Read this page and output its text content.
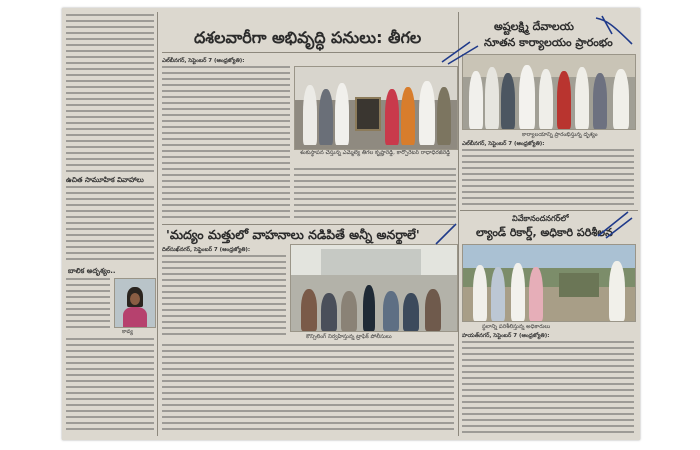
ఉచిత సామూహిక వివాహాలు
బాలిక అదృశ్యం..
కావ్య
దశలవారీగా అభివృద్ధి పనులు: తీగల
ఎల్‌బీనగర్, సెప్టెంబర్ 7 (ఆంధ్రజ్యోతి):
శంకుస్థాపన చేస్తున్న ఎమ్మెల్యే తీగల కృష్ణారెడ్డి, కార్పొరేటర్ రాధాధీరజ్‌రెడ్డి
అష్టలక్ష్మి దేవాలయ
నూతన కార్యాలయం ప్రారంభం
కార్యాలయాన్ని ప్రారంభిస్తున్న దృశ్యం
ఎల్‌బీనగర్, సెప్టెంబర్ 7 (ఆంధ్రజ్యోతి):
వివేకానందనగర్‌లో
ల్యాండ్ రికార్డ్, అధికారి పరిశీలన
స్థలాన్ని పరిశీలిస్తున్న అధికారులు
హయత్‌నగర్, సెప్టెంబర్ 7 (ఆంధ్రజ్యోతి):
'మద్యం మత్తులో వాహనాలు నడిపితే అన్నీ అనర్థాలే'
దిల్‌సుఖ్‌నగర్, సెప్టెంబర్ 7 (ఆంధ్రజ్యోతి):
కౌన్సిలింగ్ నిర్వహిస్తున్న ట్రాఫిక్ పోలీసులు
